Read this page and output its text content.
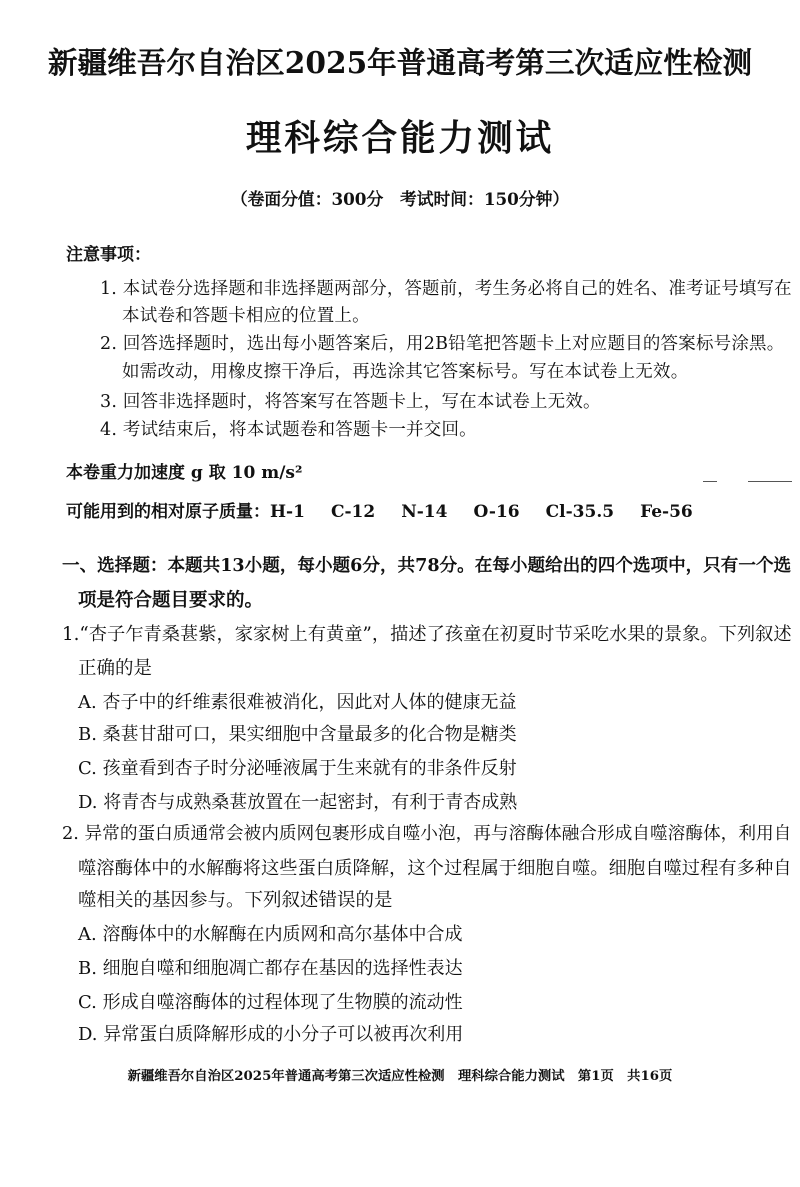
新疆维吾尔自治区2025年普通高考第三次适应性检测
理科综合能力测试
（卷面分值：300分　考试时间：150分钟）
注意事项：
1. 本试卷分选择题和非选择题两部分，答题前，考生务必将自己的姓名、准考证号填写在
本试卷和答题卡相应的位置上。
2. 回答选择题时，选出每小题答案后，用2B铅笔把答题卡上对应题目的答案标号涂黑。
如需改动，用橡皮擦干净后，再选涂其它答案标号。写在本试卷上无效。
3. 回答非选择题时，将答案写在答题卡上，写在本试卷上无效。
4. 考试结束后，将本试题卷和答题卡一并交回。
本卷重力加速度 g 取 10 m/s²
可能用到的相对原子质量：H-1 C-12 N-14 O-16 Cl-35.5 Fe-56
一、选择题：本题共13小题，每小题6分，共78分。在每小题给出的四个选项中，只有一个选
项是符合题目要求的。
1.“杏子乍青桑葚紫，家家树上有黄童”，描述了孩童在初夏时节采吃水果的景象。下列叙述
正确的是
A. 杏子中的纤维素很难被消化，因此对人体的健康无益
B. 桑葚甘甜可口，果实细胞中含量最多的化合物是糖类
C. 孩童看到杏子时分泌唾液属于生来就有的非条件反射
D. 将青杏与成熟桑葚放置在一起密封，有利于青杏成熟
2. 异常的蛋白质通常会被内质网包裹形成自噬小泡，再与溶酶体融合形成自噬溶酶体，利用自
噬溶酶体中的水解酶将这些蛋白质降解，这个过程属于细胞自噬。细胞自噬过程有多种自
噬相关的基因参与。下列叙述错误的是
A. 溶酶体中的水解酶在内质网和高尔基体中合成
B. 细胞自噬和细胞凋亡都存在基因的选择性表达
C. 形成自噬溶酶体的过程体现了生物膜的流动性
D. 异常蛋白质降解形成的小分子可以被再次利用
新疆维吾尔自治区2025年普通高考第三次适应性检测　理科综合能力测试　第1页　共16页
